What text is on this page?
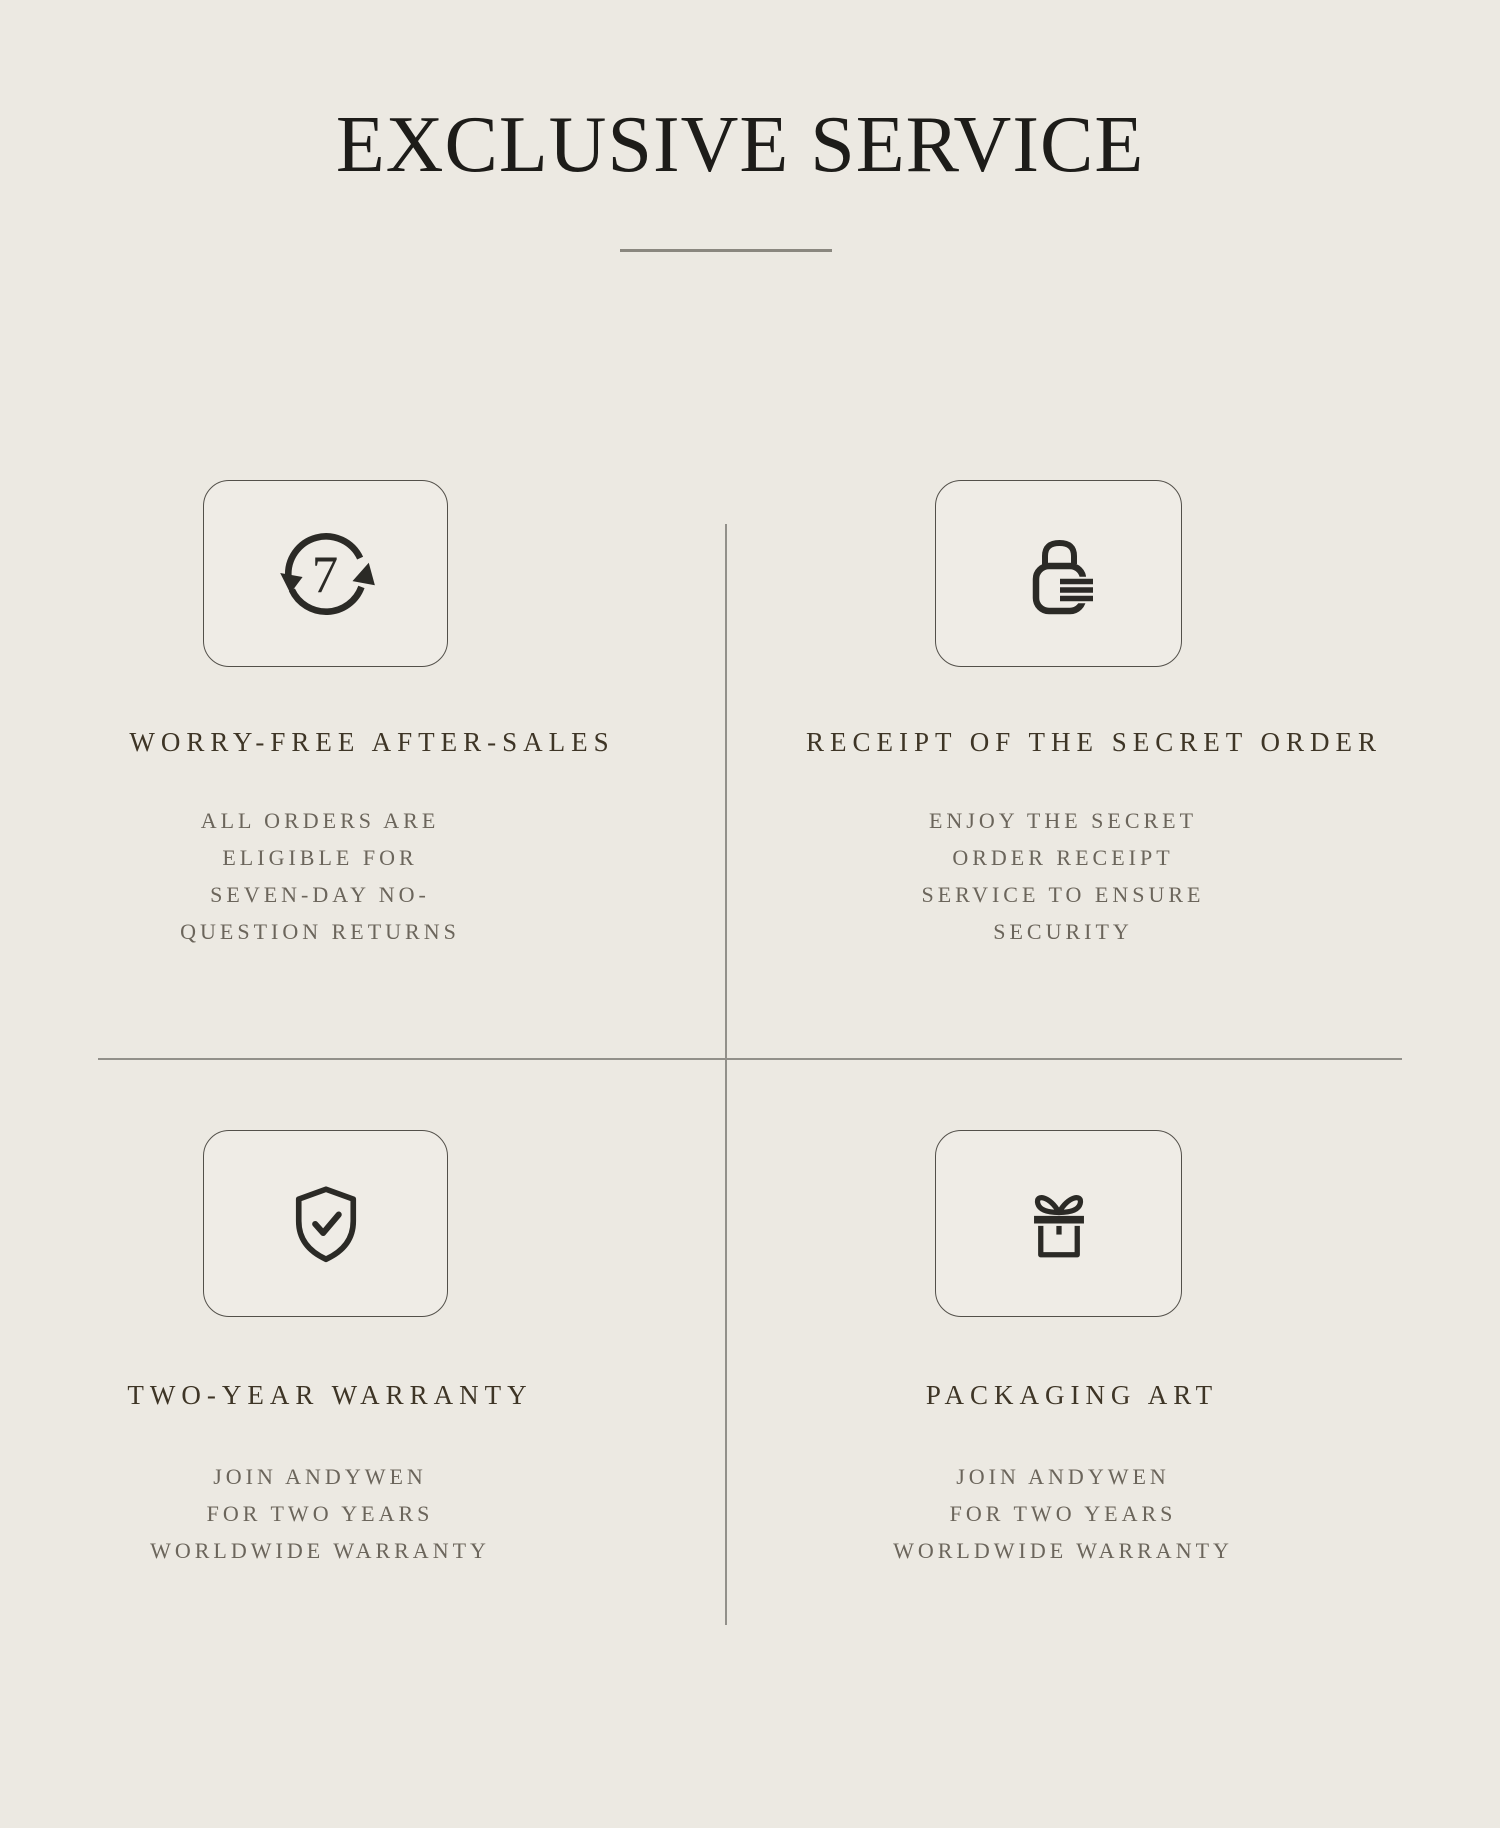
EXCLUSIVE SERVICE
7
WORRY-FREE AFTER-SALES
ALL ORDERS ARE
ELIGIBLE FOR
SEVEN-DAY NO-
QUESTION RETURNS
RECEIPT OF THE SECRET ORDER
ENJOY THE SECRET
ORDER RECEIPT
SERVICE TO ENSURE
SECURITY
TWO-YEAR WARRANTY
JOIN ANDYWEN
FOR TWO YEARS
WORLDWIDE WARRANTY
PACKAGING ART
JOIN ANDYWEN
FOR TWO YEARS
WORLDWIDE WARRANTY
